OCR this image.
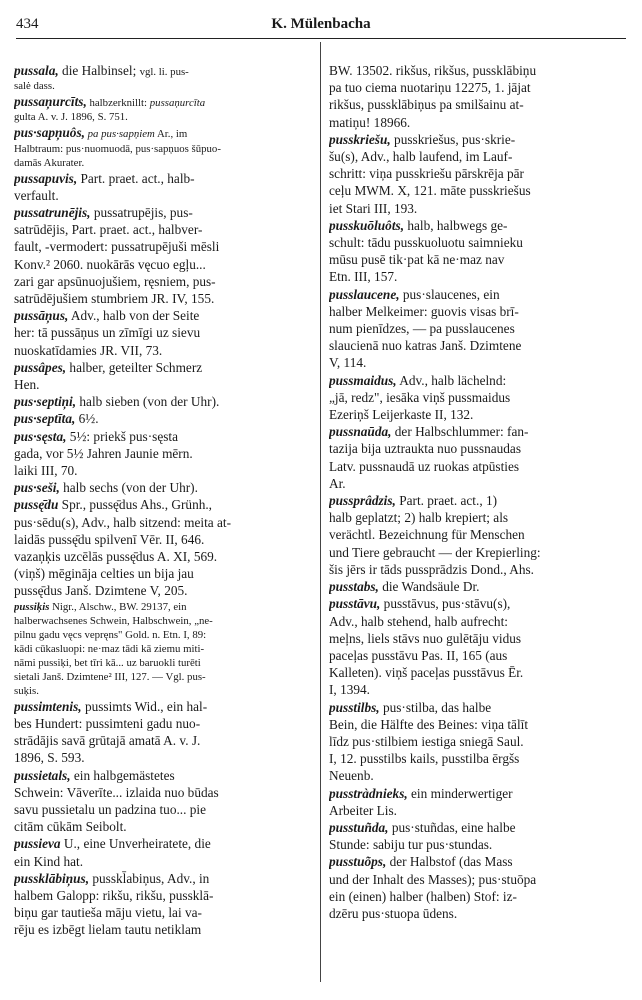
434	K. Mülenbacha
pussala, die Halbinsel; vgl. li. pus-
salė dass.
pussaņurcīts, halbzerknillt: pussaņurcīta
gulta A. v. J. 1896, S. 751.
pus·sapņuôs, pa pus·sapņiem Ar., im
Halbtraum: pus·nuomuodā, pus·sapņuos šūpuo-
damās Akurater.
pussapuvis, Part. praet. act., halb-
verfault.
pussatrunējis, pussatrupējis, pus-
satrūdējis, Part. praet. act., halbver-
fault, -vermodert: pussatrupējuši mēsli
Konv.² 2060. nuokārās vęcuo egļu...
zari gar apsūnuojušiem, ręsniem, pus-
satrūdējušiem stumbriem JR. IV, 155.
pussāņus, Adv., halb von der Seite
her: tā pussāņus un zīmīgi uz sievu
nuoskatīdamies JR. VII, 73.
pussâpes, halber, geteilter Schmerz
Hen.
pus·septiņi, halb sieben (von der Uhr).
pus·septīta, 6½.
pus·sęsta, 5½: priekš pus·sęsta
gada, vor 5½ Jahren Jaunie mērn.
laiki III, 70.
pus·seši, halb sechs (von der Uhr).
pussę̄du Spr., pussę̄dus Ahs., Grünh.,
pus·sēdu(s), Adv., halb sitzend: meita at-
laidās pussę̄du spilvenī Vēr. II, 646.
vazaņķis uzcēlās pussę̄dus A. XI, 569.
(viņš) mēgināja celties un bija jau
pussę̄dus Janš. Dzimtene V, 205.
pussiķis Nigr., Alschw., BW. 29137, ein
halberwachsenes Schwein, Halbschwein, „ne-
pilnu gadu vęcs vepręns" Gold. n. Etn. I, 89:
kādi cūkasluopi: ne·maz tādi kā ziemu miti-
nāmi pussiķi, bet tīri kā... uz baruokli turēti
sietali Janš. Dzimtene² III, 127. — Vgl. pus-
suķis.
pussimtenis, pussimts Wid., ein hal-
bes Hundert: pussimteni gadu nuo-
strādājis savā grūtajā amatā A. v. J.
1896, S. 593.
pussietals, ein halbgemästetes
Schwein: Vāverīte... izlaida nuo būdas
savu pussietalu un padzina tuo... pie
citām cūkām Seibolt.
pussieva U., eine Unverheiratete, die
ein Kind hat.
pussklābiņus, pusskl̄abiņus, Adv., in
halbem Galopp: rikšu, rikšu, pussklā-
biņu gar tautieša māju vietu, lai va-
rēju es izbēgt lielam tautu netiklam
BW. 13502. rikšus, rikšus, pussklābiņu
pa tuo ciema nuotariņu 12275, 1. jājat
rikšus, pussklābiņus pa smilšainu at-
matiņu! 18966.
pusskriešu, pusskriešus, pus·skrie-
šu(s), Adv., halb laufend, im Lauf-
schritt: viņa pusskriešu pārskrēja pār
ceļu MWM. X, 121. māte pusskriešus
iet Stari III, 193.
pusskuōluôts, halb, halbwegs ge-
schult: tādu pusskuoluotu saimnieku
mūsu pusē tik·pat kā ne·maz nav
Etn. III, 157.
pusslaucene, pus·slaucenes, ein
halber Melkeimer: guovis visas brī-
num pienīdzes, — pa pusslaucenes
slaucienā nuo katras Janš. Dzimtene
V, 114.
pussmaidus, Adv., halb lächelnd:
„jā, redz", iesāka viņš pussmaidus
Ezeriņš Leijerkaste II, 132.
pussnaūda, der Halbschlummer: fan-
tazija bija uztraukta nuo pussnaudas
Latv. pussnaudā uz ruokas atpūsties
Ar.
pussprâdzis, Part. praet. act., 1)
halb geplatzt; 2) halb krepiert; als
verächtl. Bezeichnung für Menschen
und Tiere gebraucht — der Krepierling:
šis jērs ir tāds pussprādzis Dond., Ahs.
pusstabs, die Wandsäule Dr.
pusstāvu, pusstāvus, pus·stāvu(s),
Adv., halb stehend, halb aufrecht:
meļns, liels stāvs nuo gulētāju vidus
paceļas pusstāvu Pas. II, 165 (aus
Kalleten). viņš paceļas pusstāvus Ēr.
I, 1394.
pusstilbs, pus·stilba, das halbe
Bein, die Hälfte des Beines: viņa tālīt
līdz pus·stilbiem iestiga sniegā Saul.
I, 12. pusstilbs kails, pusstilba ērgšs
Neuenb.
pusstràdnieks, ein minderwertiger
Arbeiter Lis.
pusstuñda, pus·stuñdas, eine halbe
Stunde: sabiju tur pus·stundas.
pusstuõps, der Halbstof (das Mass
und der Inhalt des Masses); pus·stuōpa
ein (einen) halber (halben) Stof: iz-
dzēru pus·stuopa ūdens.
